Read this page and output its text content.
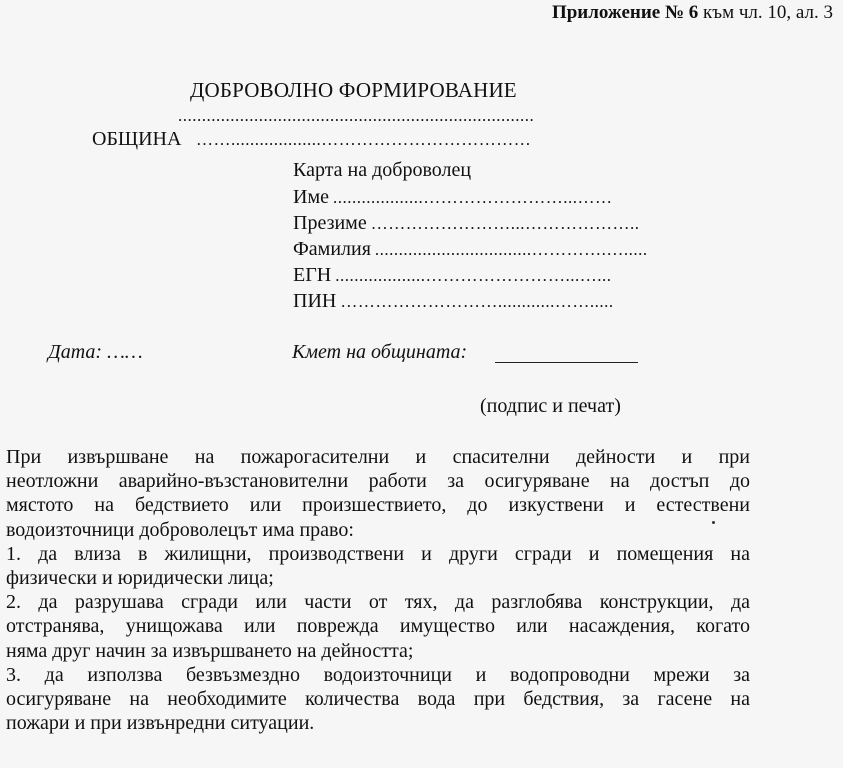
Приложение № 6 към чл. 10, ал. 3
ДОБРОВОЛНО ФОРМИРОВАНИЕ
...........................................................................
ОБЩИНА ……...................………………………………
Карта на доброволец
Име ...................……………………...……
Презиме ……………………...………………..
Фамилия .................................………….….....
ЕГН ...................……………………...…...
ПИН ………………………............…….....
Дата: ……	Кмет на общината:
(подпис и печат)
При извършване на пожарогасителни и спасителни дейности и при
неотложни аварийно-възстановителни работи за осигуряване на достъп до
мястото на бедствието или произшествието, до изкуствени и естествени
водоизточници доброволецът има право:
1. да влиза в жилищни, производствени и други сгради и помещения на
физически и юридически лица;
2. да разрушава сгради или части от тях, да разглобява конструкции, да
отстранява, унищожава или поврежда имущество или насаждения, когато
няма друг начин за извършването на дейността;
3. да използва безвъзмездно водоизточници и водопроводни мрежи за
осигуряване на необходимите количества вода при бедствия, за гасене на
пожари и при извънредни ситуации.
